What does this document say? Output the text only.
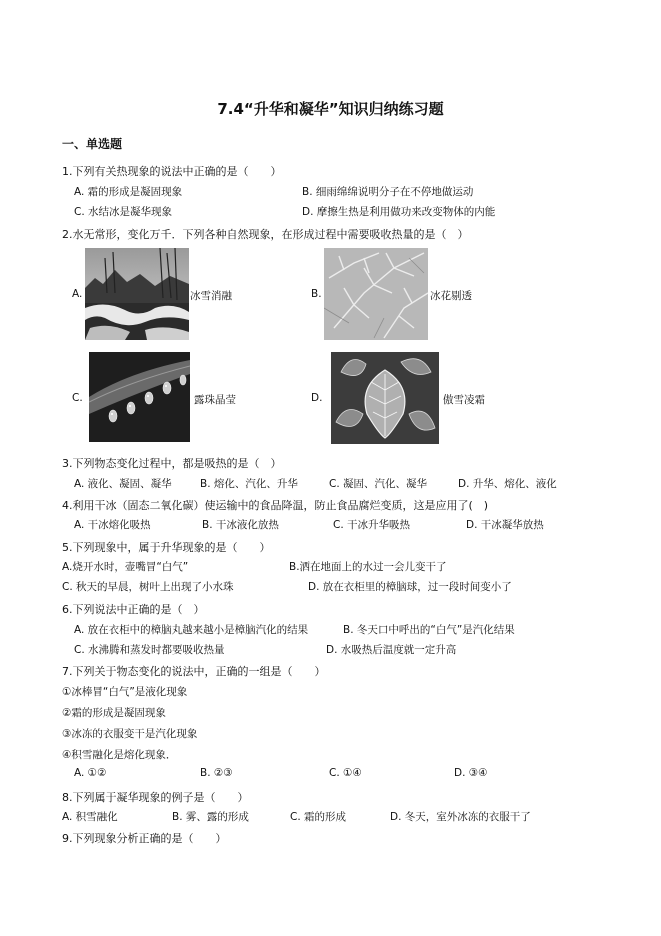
7.4“升华和凝华”知识归纳练习题
一、单选题
1.下列有关热现象的说法中正确的是（　　）
A. 霜的形成是凝固现象	B. 细雨绵绵说明分子在不停地做运动
C. 水结冰是凝华现象	D. 摩擦生热是利用做功来改变物体的内能
2.水无常形，变化万千．下列各种自然现象，在形成过程中需要吸收热量的是（　）
A.	冰雪消融	B.	冰花剔透
C.	露珠晶莹	D.	傲雪凌霜
3.下列物态变化过程中，都是吸热的是（　）
A. 液化、凝固、凝华	B. 熔化、汽化、升华	C. 凝固、汽化、凝华	D. 升华、熔化、液化
4.利用干冰（固态二氧化碳）使运输中的食品降温，防止食品腐烂变质，这是应用了(　)
A. 干冰熔化吸热	B. 干冰液化放热	C. 干冰升华吸热	D. 干冰凝华放热
5.下列现象中，属于升华现象的是（　　）
A.烧开水时，壶嘴冒“白气”	B.洒在地面上的水过一会儿变干了
C. 秋天的早晨，树叶上出现了小水珠	D. 放在衣柜里的樟脑球，过一段时间变小了
6.下列说法中正确的是（　）
A. 放在衣柜中的樟脑丸越来越小是樟脑汽化的结果	B. 冬天口中呼出的“白气”是汽化结果
C. 水沸腾和蒸发时都要吸收热量	D. 水吸热后温度就一定升高
7.下列关于物态变化的说法中，正确的一组是（　　）
①冰棒冒“白气”是液化现象
②霜的形成是凝固现象
③冰冻的衣服变干是汽化现象
④积雪融化是熔化现象．
A. ①②	B. ②③	C. ①④	D. ③④
8.下列属于凝华现象的例子是（　　）
A. 积雪融化	B. 雾、露的形成	C. 霜的形成	D. 冬天，室外冰冻的衣服干了
9.下列现象分析正确的是（　　）
